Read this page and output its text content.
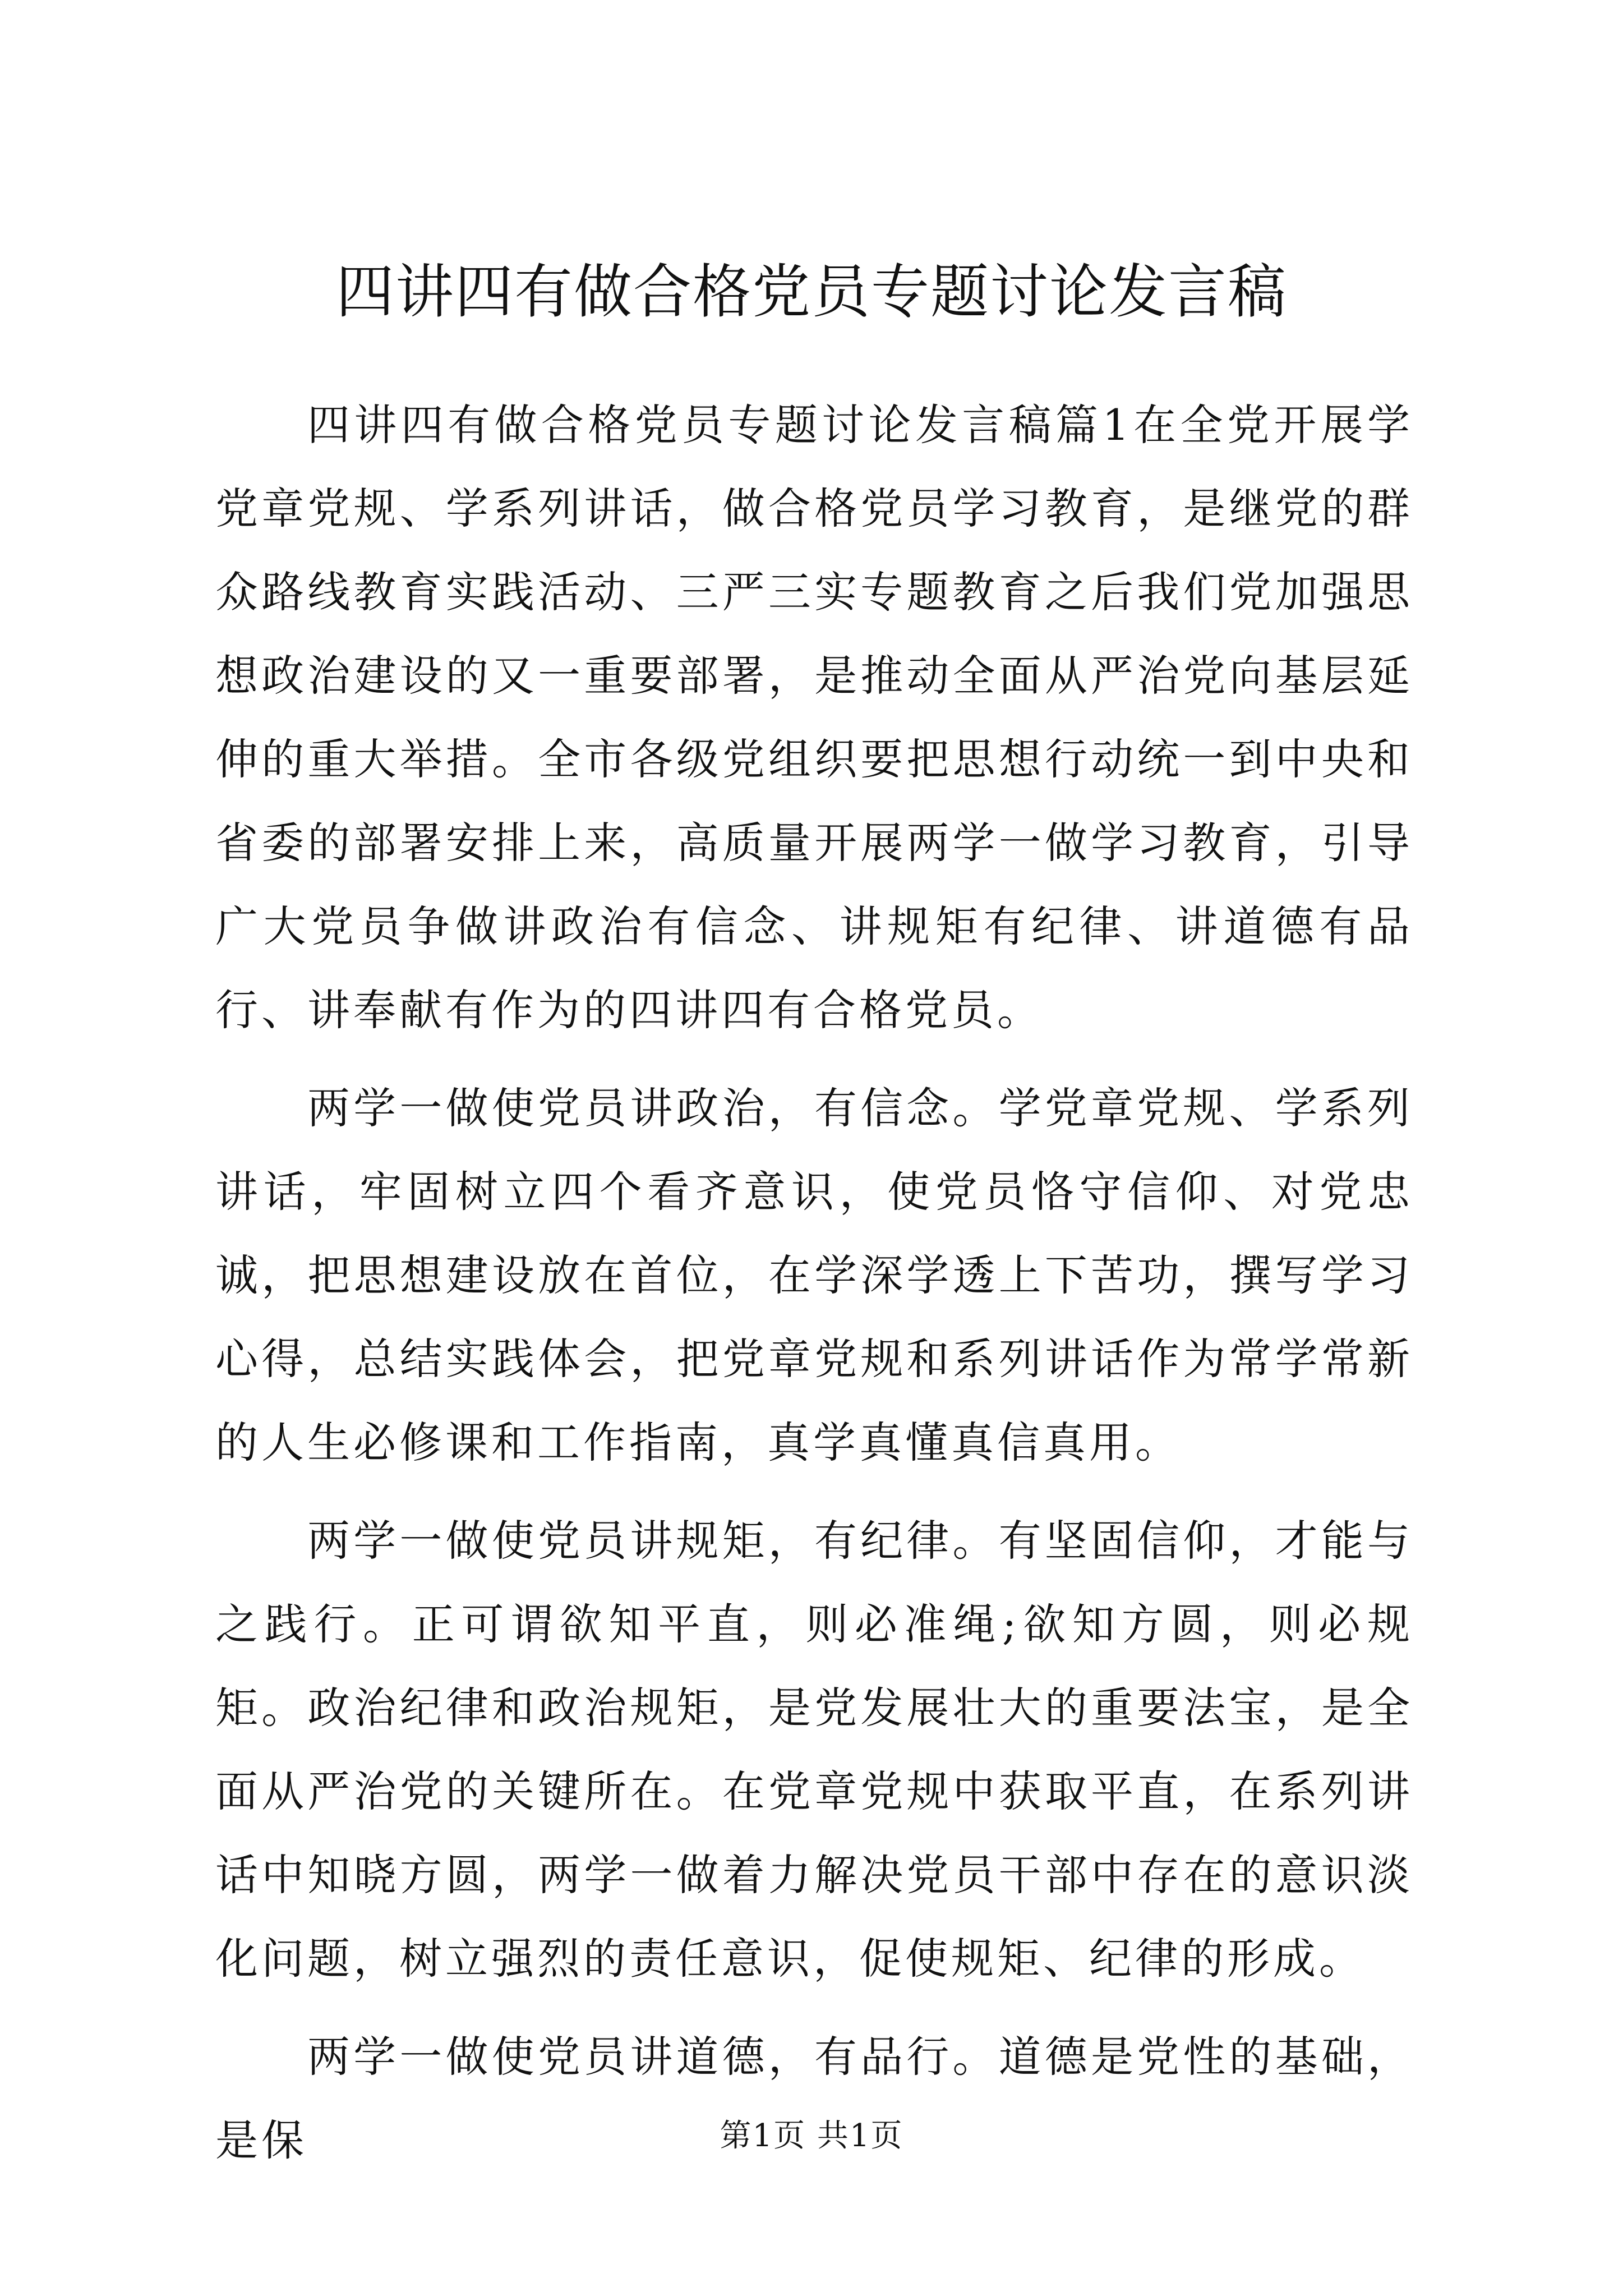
四讲四有做合格党员专题讨论发言稿

四讲四有做合格党员专题讨论发言稿篇1在全党开展学党章党规、学系列讲话，做合格党员学习教育，是继党的群众路线教育实践活动、三严三实专题教育之后我们党加强思想政治建设的又一重要部署，是推动全面从严治党向基层延伸的重大举措。全市各级党组织要把思想行动统一到中央和省委的部署安排上来，高质量开展两学一做学习教育，引导广大党员争做讲政治有信念、讲规矩有纪律、讲道德有品行、讲奉献有作为的四讲四有合格党员。

两学一做使党员讲政治，有信念。学党章党规、学系列讲话，牢固树立四个看齐意识，使党员恪守信仰、对党忠诚，把思想建设放在首位，在学深学透上下苦功，撰写学习心得，总结实践体会，把党章党规和系列讲话作为常学常新的人生必修课和工作指南，真学真懂真信真用。

两学一做使党员讲规矩，有纪律。有坚固信仰，才能与之践行。正可谓欲知平直，则必准绳;欲知方圆，则必规矩。政治纪律和政治规矩，是党发展壮大的重要法宝，是全面从严治党的关键所在。在党章党规中获取平直，在系列讲话中知晓方圆，两学一做着力解决党员干部中存在的意识淡化问题，树立强烈的责任意识，促使规矩、纪律的形成。

两学一做使党员讲道德，有品行。道德是党性的基础，是保	第1页 共1页
